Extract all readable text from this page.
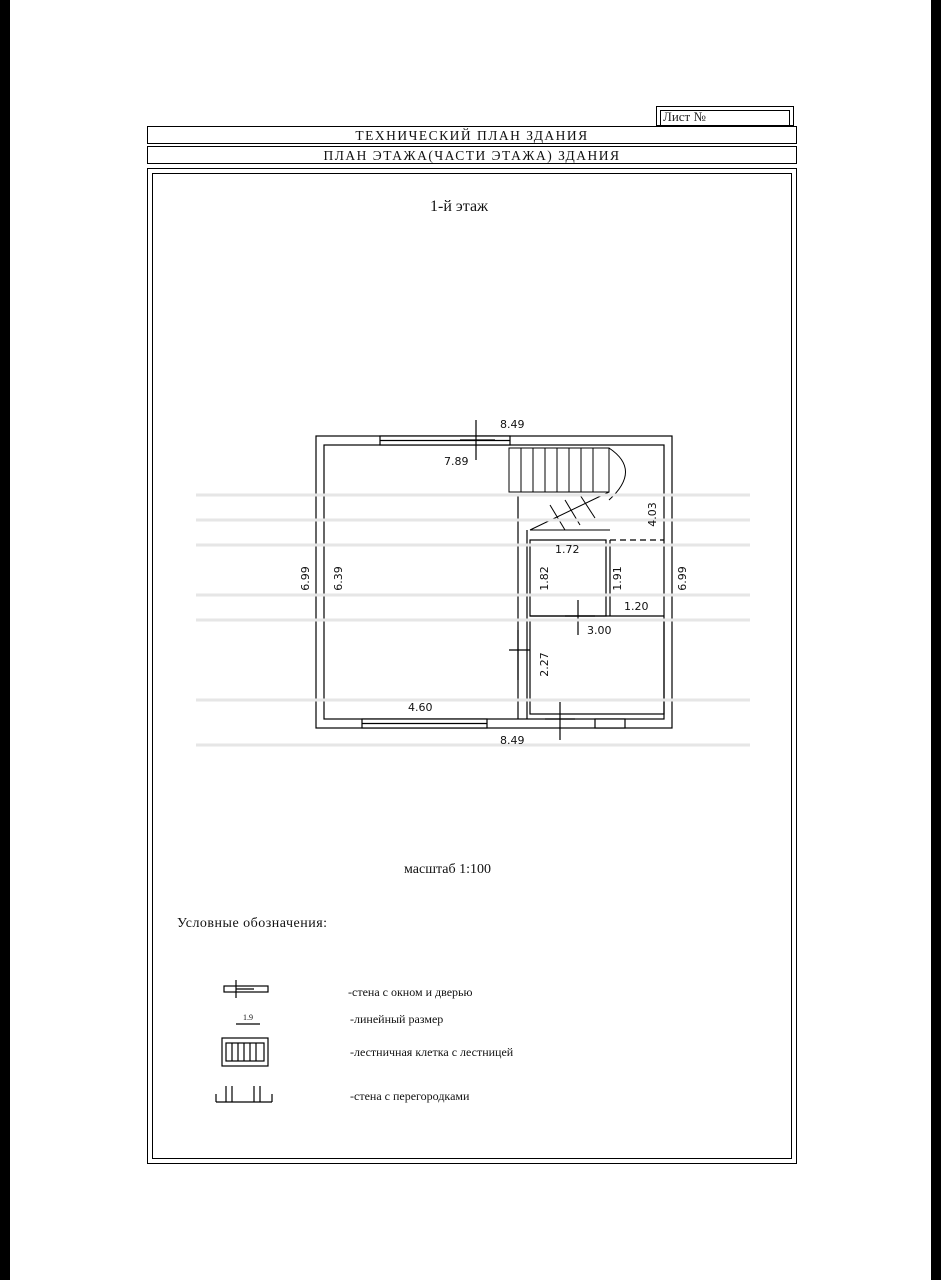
Лист №
ТЕХНИЧЕСКИЙ ПЛАН ЗДАНИЯ
ПЛАН ЭТАЖА(ЧАСТИ ЭТАЖА) ЗДАНИЯ
1-й этаж
8.49
7.89
6.99 6.39	6.99
4.03
1.72
1.82	1.91
1.20
3.00
2.27
4.60
8.49
масштаб 1:100
Условные обозначения:
1.9
-стена с окном и дверью
-линейный размер
-лестничная клетка с лестницей
-стена с перегородками
